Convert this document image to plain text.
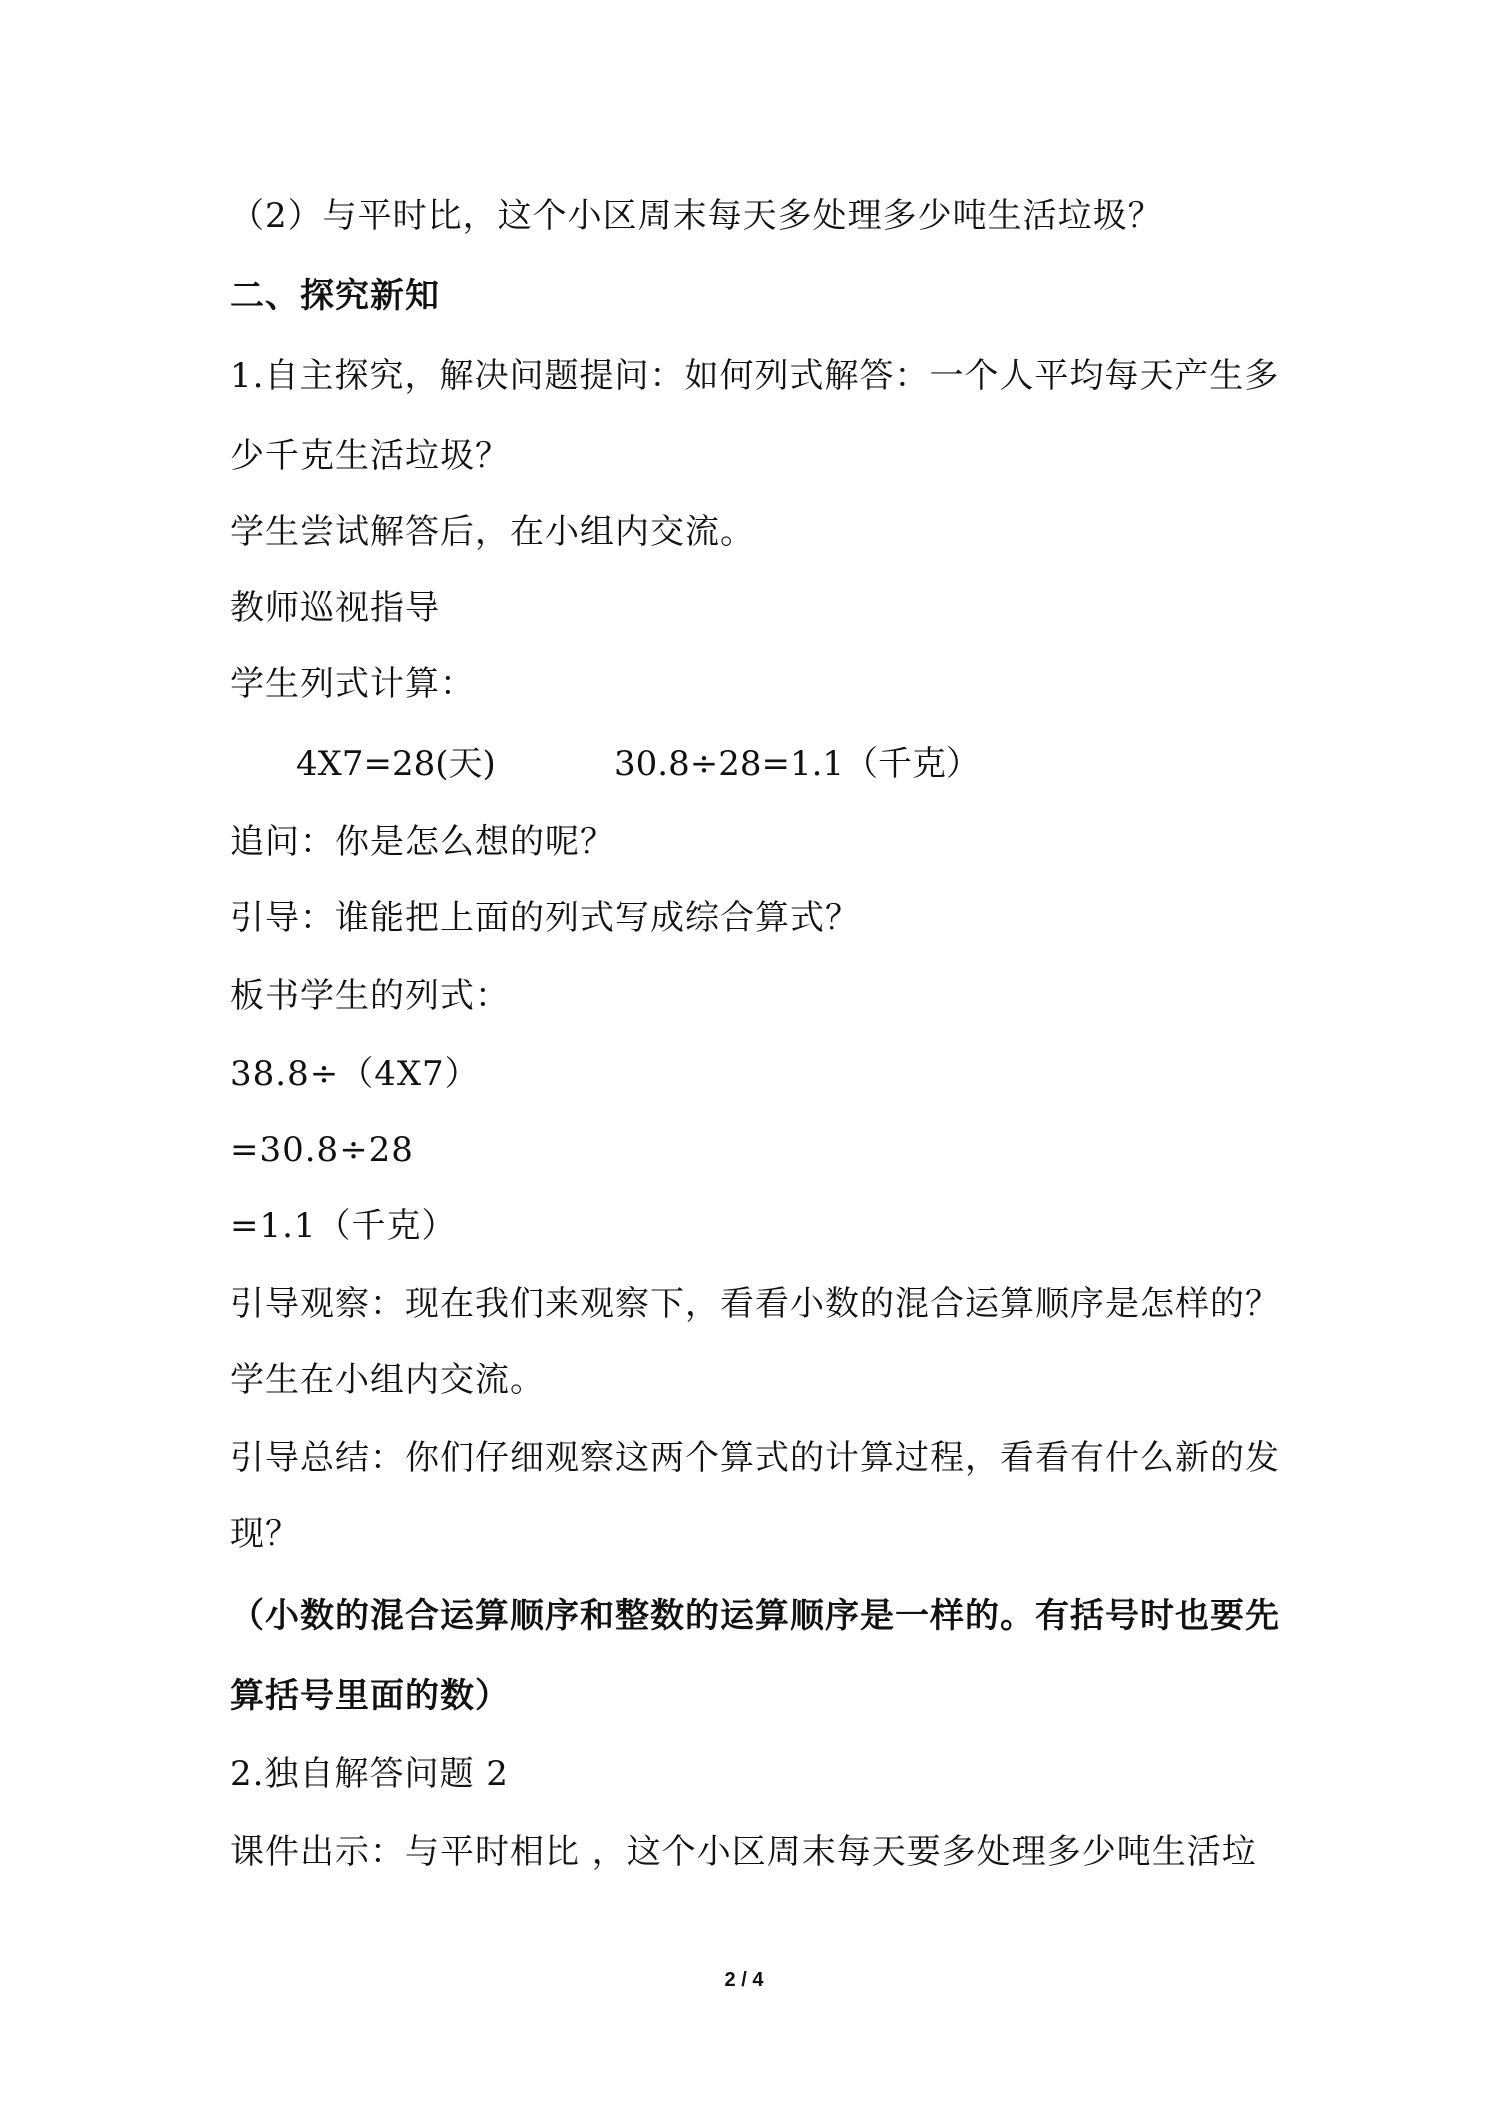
（2）与平时比，这个小区周末每天多处理多少吨生活垃圾？
二、探究新知
1.自主探究，解决问题提问：如何列式解答：一个人平均每天产生多
少千克生活垃圾？
学生尝试解答后，在小组内交流。
教师巡视指导
学生列式计算：
4X7=28(天)	30.8÷28=1.1（千克）
追问：你是怎么想的呢？
引导：谁能把上面的列式写成综合算式？
板书学生的列式：
38.8÷（4X7）
=30.8÷28
=1.1（千克）
引导观察：现在我们来观察下，看看小数的混合运算顺序是怎样的？
学生在小组内交流。
引导总结：你们仔细观察这两个算式的计算过程，看看有什么新的发
现？
（小数的混合运算顺序和整数的运算顺序是一样的。有括号时也要先
算括号里面的数）
2.独自解答问题 2
课件出示：与平时相比 ，这个小区周末每天要多处理多少吨生活垃
2 / 4
